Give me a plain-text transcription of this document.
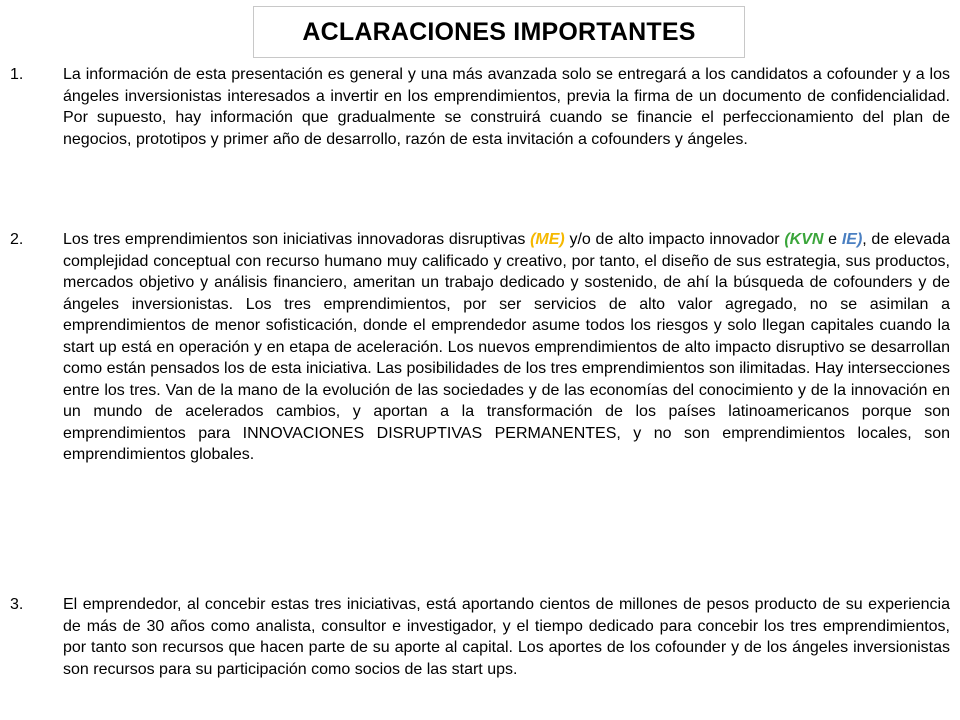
ACLARACIONES IMPORTANTES
1. La información de esta presentación es general y una más avanzada solo se entregará a los candidatos a cofounder y a los ángeles inversionistas interesados a invertir en los emprendimientos, previa la firma de un documento de confidencialidad. Por supuesto, hay información que gradualmente se construirá cuando se financie el perfeccionamiento del plan de negocios, prototipos y primer año de desarrollo, razón de esta invitación a cofounders y ángeles.

2. Los tres emprendimientos son iniciativas innovadoras disruptivas (ME) y/o de alto impacto innovador (KVN e IE), de elevada complejidad conceptual con recurso humano muy calificado y creativo, por tanto, el diseño de sus estrategia, sus productos, mercados objetivo y análisis financiero, ameritan un trabajo dedicado y sostenido, de ahí la búsqueda de cofounders y de ángeles inversionistas. Los tres emprendimientos, por ser servicios de alto valor agregado, no se asimilan a emprendimientos de menor sofisticación, donde el emprendedor asume todos los riesgos y solo llegan capitales cuando la start up está en operación y en etapa de aceleración. Los nuevos emprendimientos de alto impacto disruptivo se desarrollan como están pensados los de esta iniciativa. Las posibilidades de los tres emprendimientos son ilimitadas. Hay intersecciones entre los tres. Van de la mano de la evolución de las sociedades y de las economías del conocimiento y de la innovación en un mundo de acelerados cambios, y aportan a la transformación de los países latinoamericanos porque son emprendimientos para INNOVACIONES DISRUPTIVAS PERMANENTES, y no son emprendimientos locales, son emprendimientos globales.

3. El emprendedor, al concebir estas tres iniciativas, está aportando cientos de millones de pesos producto de su experiencia de más de 30 años como analista, consultor e investigador, y el tiempo dedicado para concebir los tres emprendimientos, por tanto son recursos que hacen parte de su aporte al capital. Los aportes de los cofounder y de los ángeles inversionistas son recursos para su participación como socios de las start ups.
